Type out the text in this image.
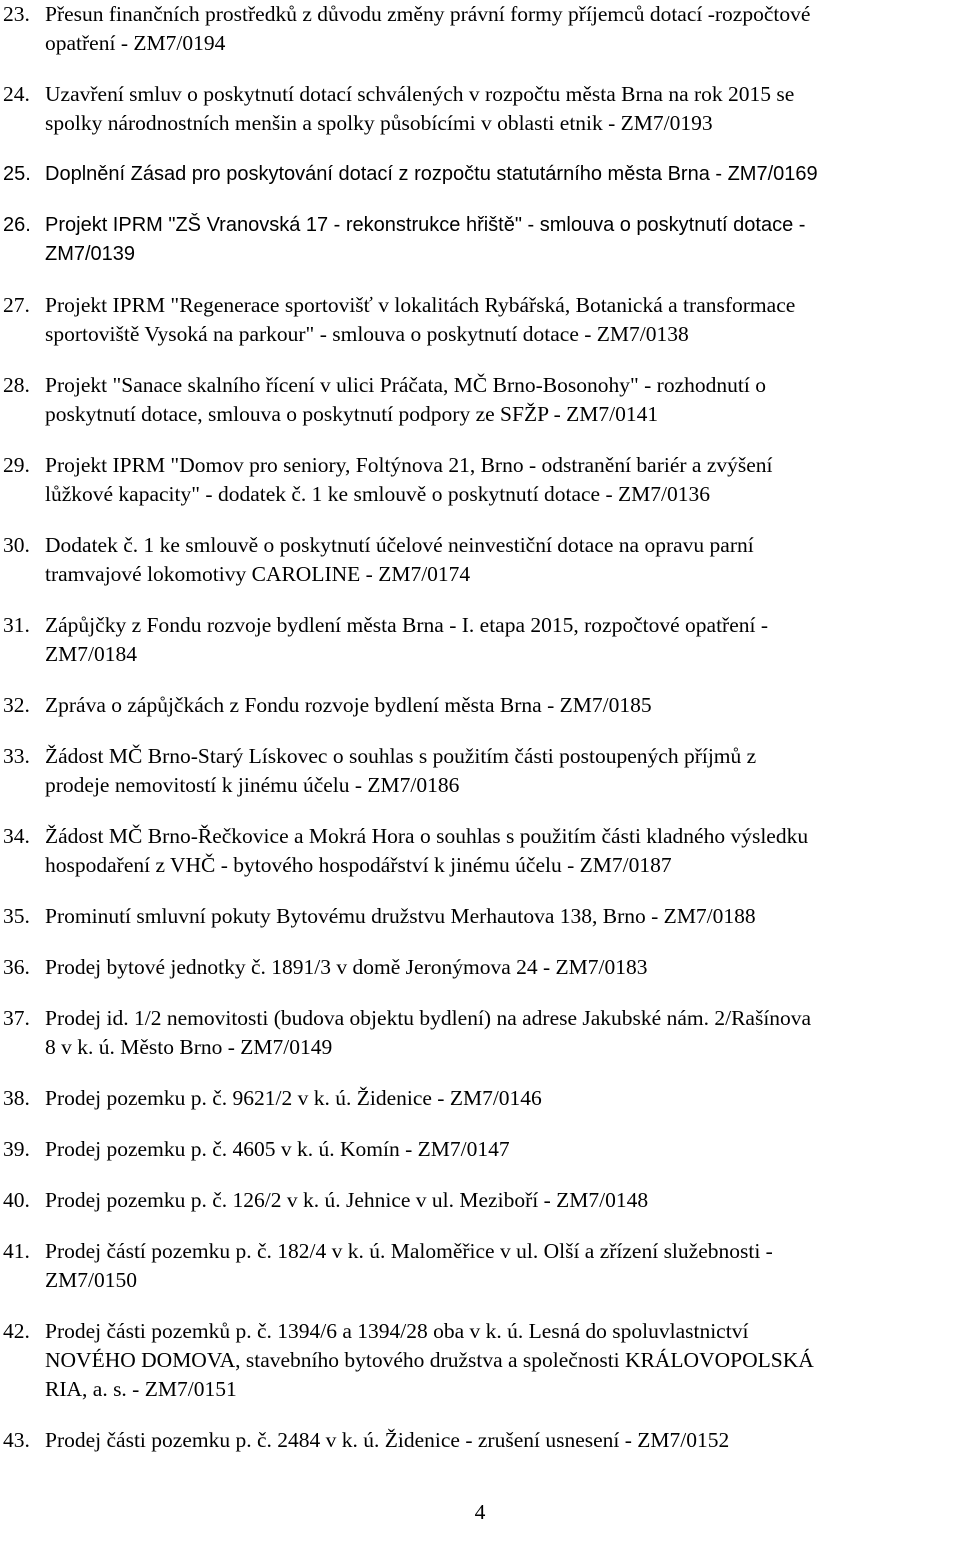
23. Přesun finančních prostředků z důvodu změny právní formy příjemců dotací -rozpočtové
opatření - ZM7/0194
24. Uzavření smluv o poskytnutí dotací schválených v rozpočtu města Brna na rok 2015 se
spolky národnostních menšin a spolky působícími v oblasti etnik - ZM7/0193
25. Doplnění Zásad pro poskytování dotací z rozpočtu statutárního města Brna - ZM7/0169
26. Projekt IPRM "ZŠ Vranovská 17 - rekonstrukce hřiště" - smlouva o poskytnutí dotace -
ZM7/0139
27. Projekt IPRM "Regenerace sportovišť v lokalitách Rybářská, Botanická a transformace
sportoviště Vysoká na parkour" - smlouva o poskytnutí dotace - ZM7/0138
28. Projekt "Sanace skalního řícení v ulici Práčata, MČ Brno-Bosonohy" - rozhodnutí o
poskytnutí dotace, smlouva o poskytnutí podpory ze SFŽP - ZM7/0141
29. Projekt IPRM "Domov pro seniory, Foltýnova 21, Brno - odstranění bariér a zvýšení
lůžkové kapacity" - dodatek č. 1 ke smlouvě o poskytnutí dotace - ZM7/0136
30. Dodatek č. 1 ke smlouvě o poskytnutí účelové neinvestiční dotace na opravu parní
tramvajové lokomotivy CAROLINE - ZM7/0174
31. Zápůjčky z Fondu rozvoje bydlení města Brna - I. etapa 2015, rozpočtové opatření -
ZM7/0184
32. Zpráva o zápůjčkách z Fondu rozvoje bydlení města Brna - ZM7/0185
33. Žádost MČ Brno-Starý Lískovec o souhlas s použitím části postoupených příjmů z
prodeje nemovitostí k jinému účelu - ZM7/0186
34. Žádost MČ Brno-Řečkovice a Mokrá Hora o souhlas s použitím části kladného výsledku
hospodaření z VHČ - bytového hospodářství k jinému účelu - ZM7/0187
35. Prominutí smluvní pokuty Bytovému družstvu Merhautova 138, Brno - ZM7/0188
36. Prodej bytové jednotky č. 1891/3 v domě Jeronýmova 24 - ZM7/0183
37. Prodej id. 1/2 nemovitosti (budova objektu bydlení) na adrese Jakubské nám. 2/Rašínova
8 v k. ú. Město Brno - ZM7/0149
38. Prodej pozemku p. č. 9621/2 v k. ú. Židenice - ZM7/0146
39. Prodej pozemku p. č. 4605 v k. ú. Komín - ZM7/0147
40. Prodej pozemku p. č. 126/2 v k. ú. Jehnice v ul. Meziboří - ZM7/0148
41. Prodej částí pozemku p. č. 182/4 v k. ú. Maloměřice v ul. Olší a zřízení služebnosti -
ZM7/0150
42. Prodej části pozemků p. č. 1394/6 a 1394/28 oba v k. ú. Lesná do spoluvlastnictví
NOVÉHO DOMOVA, stavebního bytového družstva a společnosti KRÁLOVOPOLSKÁ
RIA, a. s. - ZM7/0151
43. Prodej části pozemku p. č. 2484 v k. ú. Židenice - zrušení usnesení - ZM7/0152
4
